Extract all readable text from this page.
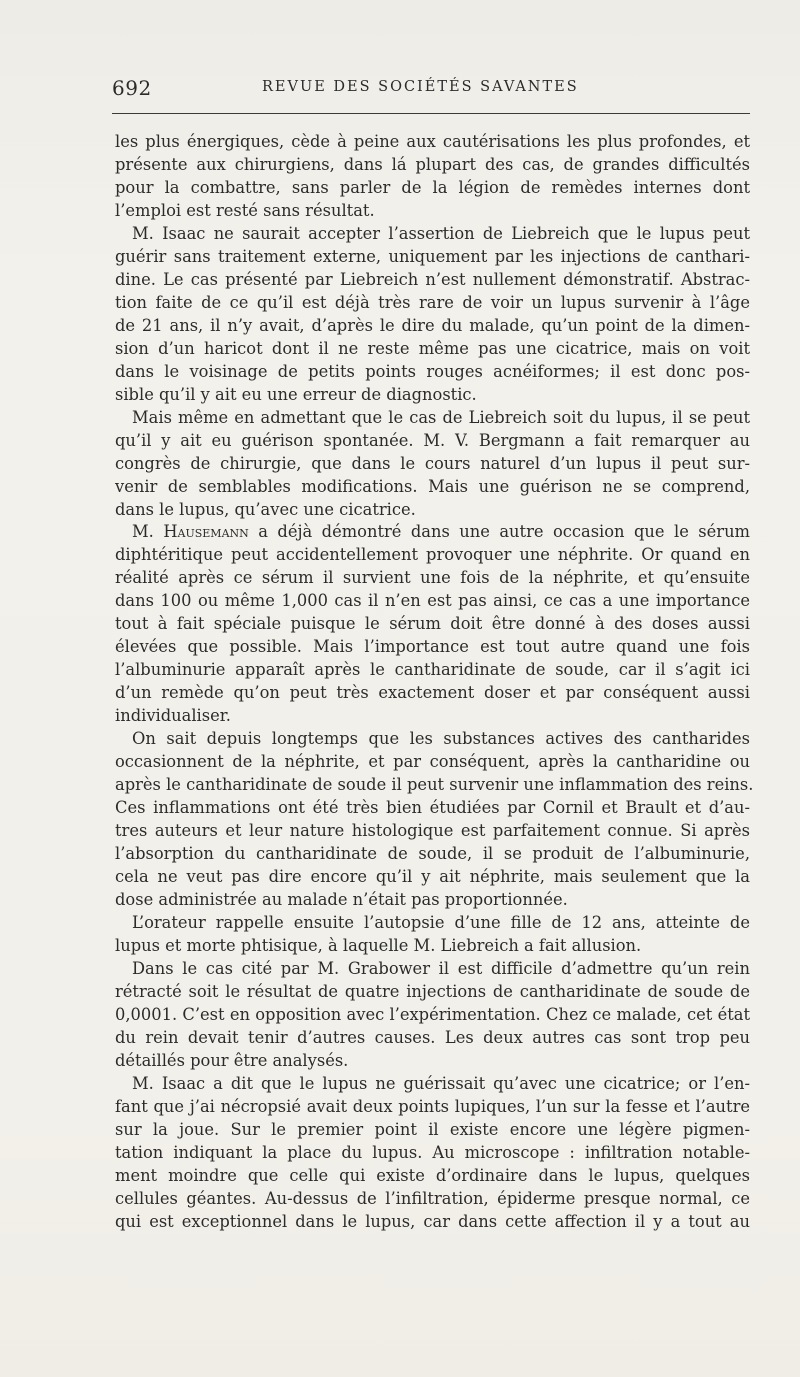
692	REVUE DES SOCIÉTÉS SAVANTES
les plus énergiques, cède à peine aux cautérisations les plus profondes, et
présente aux chirurgiens, dans lá plupart des cas, de grandes difficultés
pour la combattre, sans parler de la légion de remèdes internes dont
l’emploi est resté sans résultat.
M. Isaac ne saurait accepter l’assertion de Liebreich que le lupus peut
guérir sans traitement externe, uniquement par les injections de canthari-
dine. Le cas présenté par Liebreich n’est nullement démonstratif. Abstrac-
tion faite de ce qu’il est déjà très rare de voir un lupus survenir à l’âge
de 21 ans, il n’y avait, d’après le dire du malade, qu’un point de la dimen-
sion d’un haricot dont il ne reste même pas une cicatrice, mais on voit
dans le voisinage de petits points rouges acnéiformes; il est donc pos-
sible qu’il y ait eu une erreur de diagnostic.
Mais même en admettant que le cas de Liebreich soit du lupus, il se peut
qu’il y ait eu guérison spontanée. M. V. Bergmann a fait remarquer au
congrès de chirurgie, que dans le cours naturel d’un lupus il peut sur-
venir de semblables modifications. Mais une guérison ne se comprend,
dans le lupus, qu’avec une cicatrice.
M. Hausemann a déjà démontré dans une autre occasion que le sérum
diphtéritique peut accidentellement provoquer une néphrite. Or quand en
réalité après ce sérum il survient une fois de la néphrite, et qu’ensuite
dans 100 ou même 1,000 cas il n’en est pas ainsi, ce cas a une importance
tout à fait spéciale puisque le sérum doit être donné à des doses aussi
élevées que possible. Mais l’importance est tout autre quand une fois
l’albuminurie apparaît après le cantharidinate de soude, car il s’agit ici
d’un remède qu’on peut très exactement doser et par conséquent aussi
individualiser.
On sait depuis longtemps que les substances actives des cantharides
occasionnent de la néphrite, et par conséquent, après la cantharidine ou
après le cantharidinate de soude il peut survenir une inflammation des reins.
Ces inflammations ont été très bien étudiées par Cornil et Brault et d’au-
tres auteurs et leur nature histologique est parfaitement connue. Si après
l’absorption du cantharidinate de soude, il se produit de l’albuminurie,
cela ne veut pas dire encore qu’il y ait néphrite, mais seulement que la
dose administrée au malade n’était pas proportionnée.
L’orateur rappelle ensuite l’autopsie d’une fille de 12 ans, atteinte de
lupus et morte phtisique, à laquelle M. Liebreich a fait allusion.
Dans le cas cité par M. Grabower il est difficile d’admettre qu’un rein
rétracté soit le résultat de quatre injections de cantharidinate de soude de
0,0001. C’est en opposition avec l’expérimentation. Chez ce malade, cet état
du rein devait tenir d’autres causes. Les deux autres cas sont trop peu
détaillés pour être analysés.
M. Isaac a dit que le lupus ne guérissait qu’avec une cicatrice; or l’en-
fant que j’ai nécropsié avait deux points lupiques, l’un sur la fesse et l’autre
sur la joue. Sur le premier point il existe encore une légère pigmen-
tation indiquant la place du lupus. Au microscope : infiltration notable-
ment moindre que celle qui existe d’ordinaire dans le lupus, quelques
cellules géantes. Au-dessus de l’infiltration, épiderme presque normal, ce
qui est exceptionnel dans le lupus, car dans cette affection il y a tout au
